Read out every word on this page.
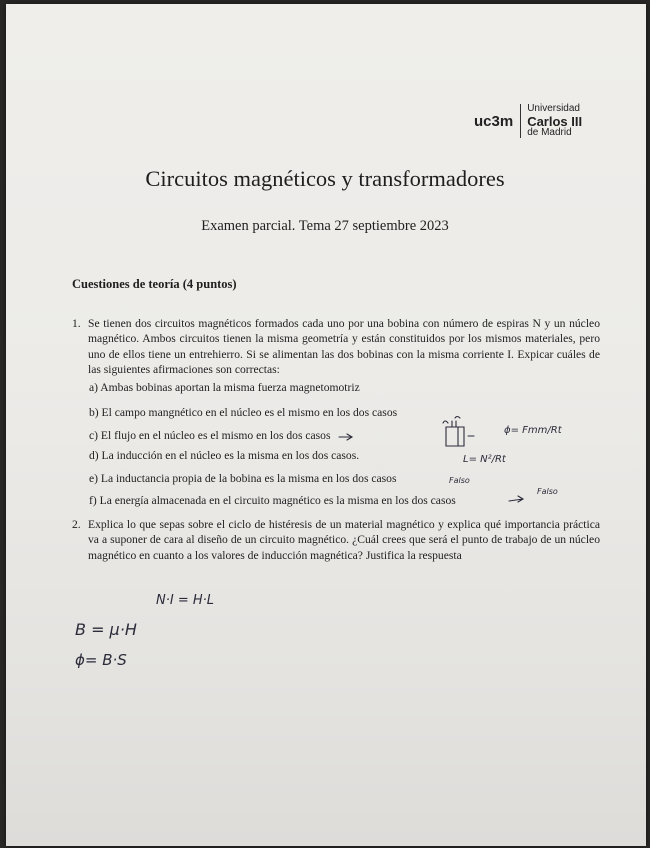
uc3m
Universidad
Carlos III
de Madrid
Circuitos magnéticos y transformadores

Examen parcial. Tema 27 septiembre 2023

Cuestiones de teoría (4 puntos)
1. Se tienen dos circuitos magnéticos formados cada uno por una bobina con número de espiras N y un núcleo magnético. Ambos circuitos tienen la misma geometría y están constituidos por los mismos materiales, pero uno de ellos tiene un entrehierro. Si se alimentan las dos bobinas con la misma corriente I. Expicar cuáles de las siguientes afirmaciones son correctas:
a) Ambas bobinas aportan la misma fuerza magnetomotriz
b) El campo mangnético en el núcleo es el mismo en los dos casos
c) El flujo en el núcleo es el mismo en los dos casos
d) La inducción en el núcleo es la misma en los dos casos.
e) La inductancia propia de la bobina es la misma en los dos casos
f) La energía almacenada en el circuito magnético es la misma en los dos casos
2. Explica lo que sepas sobre el ciclo de histéresis de un material magnético y explica qué importancia práctica va a suponer de cara al diseño de un circuito magnético. ¿Cuál crees que será el punto de trabajo de un núcleo magnético en cuanto a los valores de inducción magnética? Justifica la respuesta
ϕ= Fmm/Rt
L= N²/Rt
Falso
Falso
N·I = H·L
B = μ·H
ϕ= B·S
